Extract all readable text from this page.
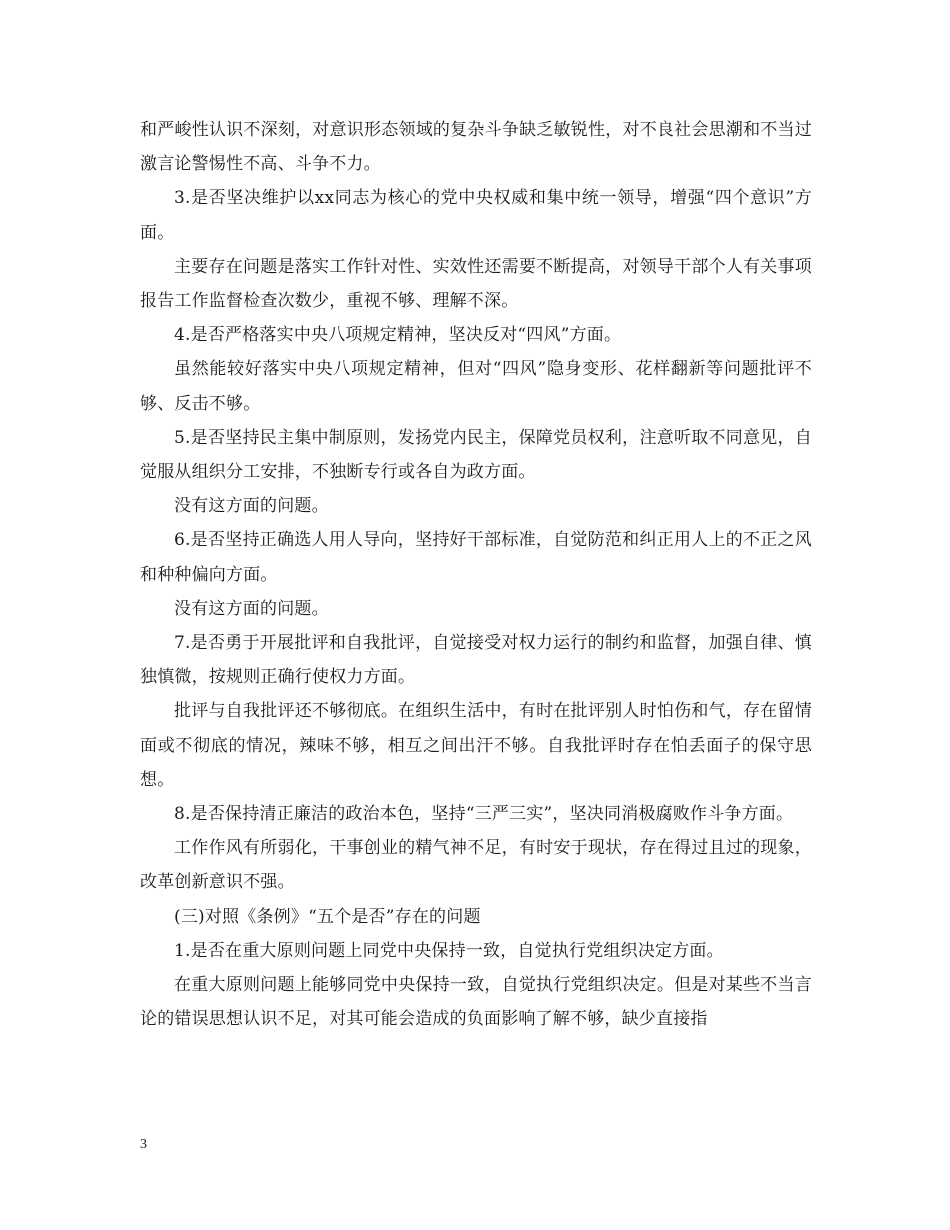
和严峻性认识不深刻，对意识形态领域的复杂斗争缺乏敏锐性，对不良社会思潮和不当过激言论警惕性不高、斗争不力。

3.是否坚决维护以xx同志为核心的党中央权威和集中统一领导，增强“四个意识”方面。

主要存在问题是落实工作针对性、实效性还需要不断提高，对领导干部个人有关事项报告工作监督检查次数少，重视不够、理解不深。

4.是否严格落实中央八项规定精神，坚决反对“四风”方面。

虽然能较好落实中央八项规定精神，但对“四风”隐身变形、花样翻新等问题批评不够、反击不够。

5.是否坚持民主集中制原则，发扬党内民主，保障党员权利，注意听取不同意见，自觉服从组织分工安排，不独断专行或各自为政方面。

没有这方面的问题。

6.是否坚持正确选人用人导向，坚持好干部标准，自觉防范和纠正用人上的不正之风和种种偏向方面。

没有这方面的问题。

7.是否勇于开展批评和自我批评，自觉接受对权力运行的制约和监督，加强自律、慎独慎微，按规则正确行使权力方面。

批评与自我批评还不够彻底。在组织生活中，有时在批评别人时怕伤和气，存在留情面或不彻底的情况，辣味不够，相互之间出汗不够。自我批评时存在怕丢面子的保守思想。

8.是否保持清正廉洁的政治本色，坚持“三严三实”，坚决同消极腐败作斗争方面。

工作作风有所弱化，干事创业的精气神不足，有时安于现状，存在得过且过的现象，改革创新意识不强。

(三)对照《条例》“五个是否”存在的问题

1.是否在重大原则问题上同党中央保持一致，自觉执行党组织决定方面。

在重大原则问题上能够同党中央保持一致，自觉执行党组织决定。但是对某些不当言论的错误思想认识不足，对其可能会造成的负面影响了解不够，缺少直接指

3
